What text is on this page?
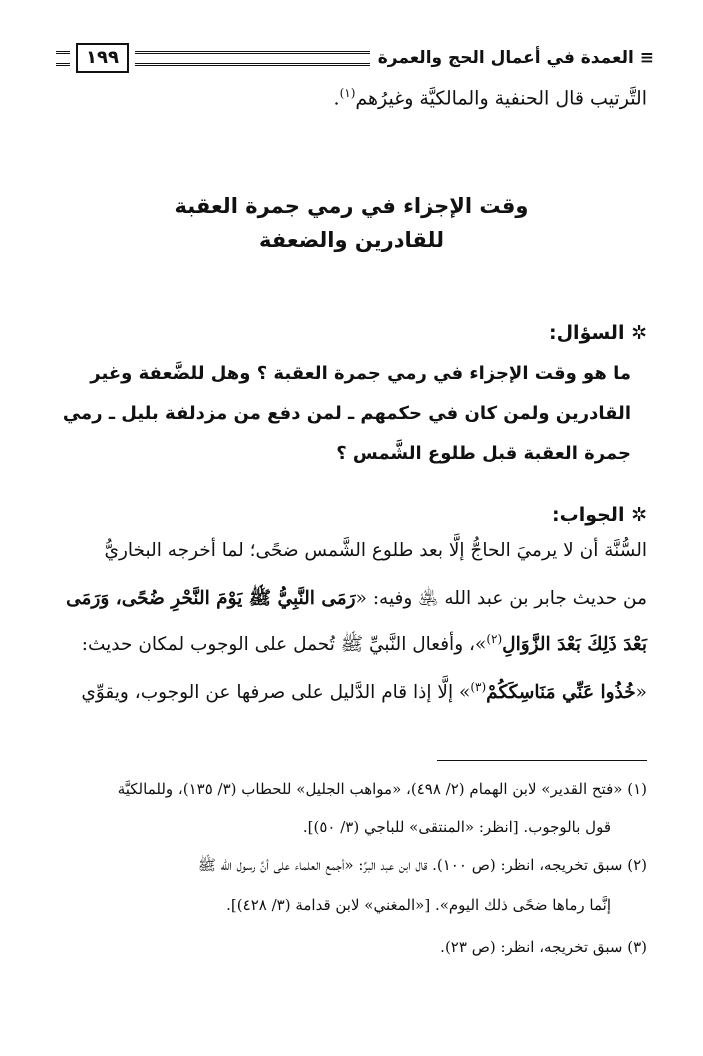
≡ العمدة في أعمال الحج والعمرة
١٩٩
التَّرتيب قال الحنفية والمالكيَّة وغيرُهم$^{(١)}$.
وقت الإجزاء في رمي جمرة العقبة
للقادرين والضعفة
✲ السؤال:
ما هو وقت الإجزاء في رمي جمرة العقبة ؟ وهل للضَّعفة وغير
القادرين ولمن كان في حكمهم ـ لمن دفع من مزدلفة بليل ـ رمي
جمرة العقبة قبل طلوع الشَّمس ؟
✲ الجواب:
السُّنَّة أن لا يرميَ الحاجُّ إلَّا بعد طلوع الشَّمس ضحًى؛ لما أخرجه البخاريُّ
من حديث جابر بن عبد الله ﵁ وفيه: «رَمَى النَّبِيُّ ﷺ يَوْمَ النَّحْرِ ضُحًى، وَرَمَى
بَعْدَ ذَلِكَ بَعْدَ الزَّوَالِ$^{(٢)}$»، وأفعال النَّبيِّ ﷺ تُحمل على الوجوب لمكان حديث:
«خُذُوا عَنِّي مَنَاسِكَكُمْ$^{(٣)}$» إلَّا إذا قام الدَّليل على صرفها عن الوجوب، ويقوِّي
(١) «فتح القدير» لابن الهمام (٢/ ٤٩٨)، «مواهب الجليل» للحطاب (٣/ ١٣٥)، وللمالكيَّة
قول بالوجوب. [انظر: «المنتقى» للباجي (٣/ ٥٠)].
(٢) سبق تخريجه، انظر: (ص ١٠٠). قال ابن عبد البرِّ: «أجمع العلماء على أنَّ رسول الله ﷺ
إنَّما رماها ضحًى ذلك اليوم». [«المغني» لابن قدامة (٣/ ٤٢٨)].
(٣) سبق تخريجه، انظر: (ص ٢٣).
